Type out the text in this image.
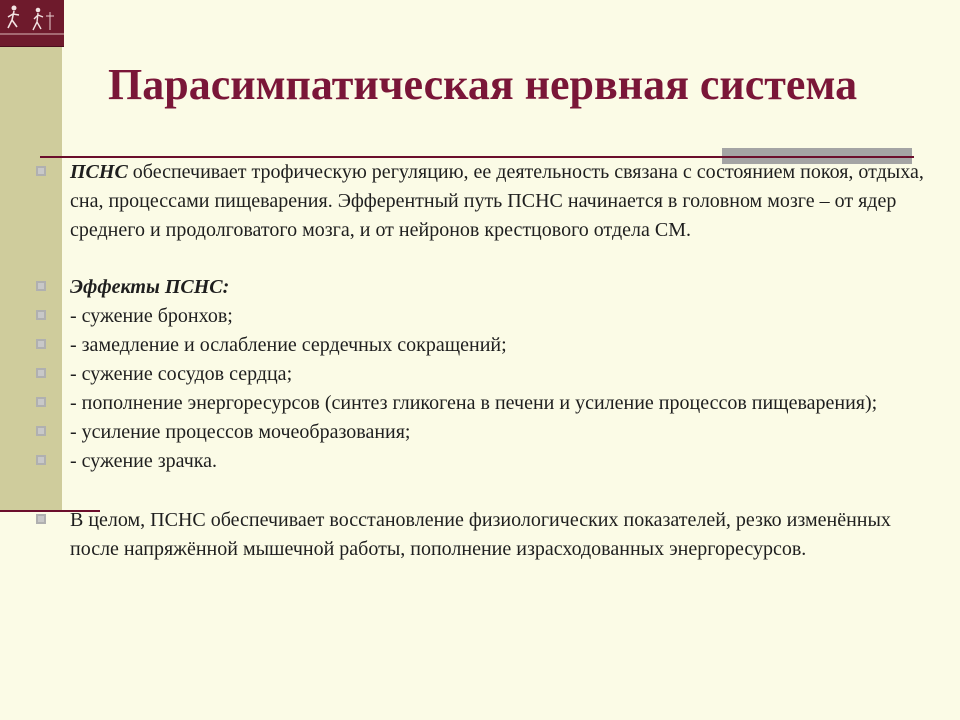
Парасимпатическая нервная система
ПСНС обеспечивает трофическую регуляцию, ее деятельность связана с состоянием покоя, отдыха, сна, процессами пищеварения. Эфферентный путь ПСНС начинается в головном мозге – от ядер среднего и продолговатого мозга, и от нейронов крестцового отдела СМ.
Эффекты ПСНС:
- сужение бронхов;
- замедление и ослабление сердечных сокращений;
- сужение сосудов сердца;
- пополнение энергоресурсов (синтез гликогена в печени и усиление процессов пищеварения);
- усиление процессов мочеобразования;
- сужение зрачка.
В целом, ПСНС обеспечивает восстановление физиологических показателей, резко изменённых после напряжённой мышечной работы, пополнение израсходованных энергоресурсов.
